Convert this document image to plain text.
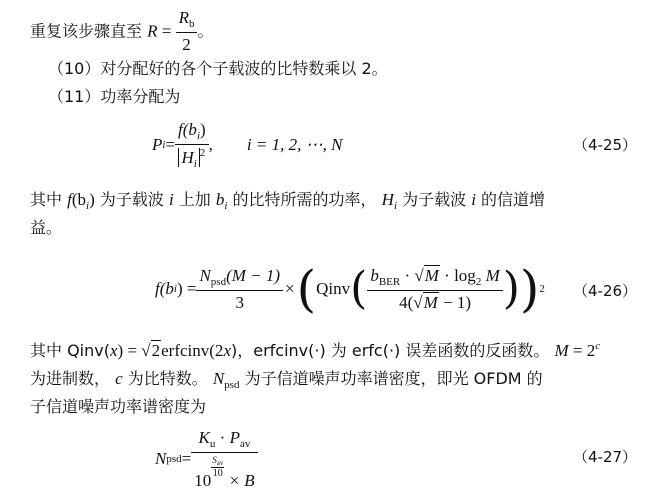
重复该步骤直至 $R = \frac{R_b}{2}$ 。
（10）对分配好的各个子载波的比特数乘以 2。
（11）功率分配为
P $i = \frac{f(b_i)}{H_i^2}$ , i = 1, 2, ⋯, N	（4-25）
其中 $f(b_i)$ 为子载波 i 上加 $b_i$ 的比特所需的功率， $H_i$ 为子载波 i 的信道增
益。
f(b i ) = $\frac{N_{psd}(M - 1)}{3}$ × ( Qinv ( $\frac{b_{BER} \cdot √M \cdot \log_2 M}{4(√M - 1)}$ ) ) 2 （4-26）
其中 Qinv(x) = √2erfcinv(2x)，erfcinv(·) 为 erfc(·) 误差函数的反函数。 $M = 2^c$
为进制数， c 为比特数。 $N_{psd}$ 为子信道噪声功率谱密度，即光 OFDM 的
子信道噪声功率谱密度为
N psd = $K_u \cdot P_{av}$
10
$\frac{S_{av}}{10}$
× B	（4-27）
